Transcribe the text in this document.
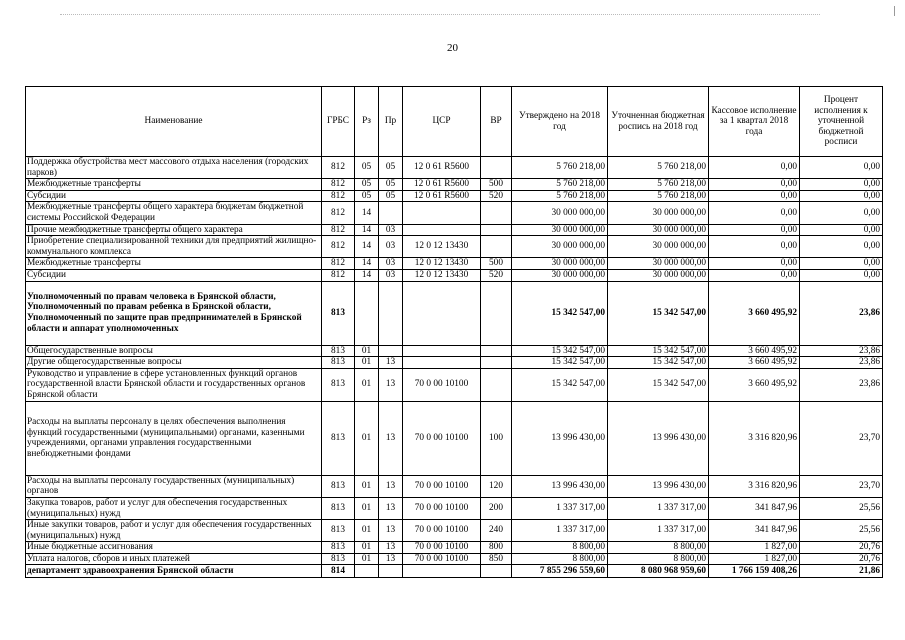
20
Наименование	ГРБС	Рз	Пр	ЦСР	ВР	Утверждено на 2018 год	Уточненная бюджетная роспись на 2018 год	Кассовое исполнение за 1 квартал 2018 года	Процент исполнения к уточненной бюджетной росписи
Поддержка обустройства мест массового отдыха населения (городских парков)	812	05	05	12 0 61 R5600		5 760 218,00	5 760 218,00	0,00	0,00
Межбюджетные трансферты	812	05	05	12 0 61 R5600	500	5 760 218,00	5 760 218,00	0,00	0,00
Субсидии	812	05	05	12 0 61 R5600	520	5 760 218,00	5 760 218,00	0,00	0,00
Межбюджетные трансферты общего характера бюджетам бюджетной системы Российской Федерации	812	14				30 000 000,00	30 000 000,00	0,00	0,00
Прочие межбюджетные трансферты общего характера	812	14	03			30 000 000,00	30 000 000,00	0,00	0,00
Приобретение специализированной техники для предприятий жилищно-коммунального комплекса	812	14	03	12 0 12 13430		30 000 000,00	30 000 000,00	0,00	0,00
Межбюджетные трансферты	812	14	03	12 0 12 13430	500	30 000 000,00	30 000 000,00	0,00	0,00
Субсидии	812	14	03	12 0 12 13430	520	30 000 000,00	30 000 000,00	0,00	0,00
Уполномоченный по правам человека в Брянской области, Уполномоченный по правам ребенка в Брянской области, Уполномоченный по защите прав предпринимателей в Брянской области и аппарат уполномоченных	813					15 342 547,00	15 342 547,00	3 660 495,92	23,86
Общегосударственные вопросы	813	01				15 342 547,00	15 342 547,00	3 660 495,92	23,86
Другие общегосударственные вопросы	813	01	13			15 342 547,00	15 342 547,00	3 660 495,92	23,86
Руководство и управление в сфере установленных функций органов государственной власти Брянской области и государственных органов Брянской области	813	01	13	70 0 00 10100		15 342 547,00	15 342 547,00	3 660 495,92	23,86
Расходы на выплаты персоналу в целях обеспечения выполнения функций государственными (муниципальными) органами, казенными учреждениями, органами управления государственными внебюджетными фондами	813	01	13	70 0 00 10100	100	13 996 430,00	13 996 430,00	3 316 820,96	23,70
Расходы на выплаты персоналу государственных (муниципальных) органов	813	01	13	70 0 00 10100	120	13 996 430,00	13 996 430,00	3 316 820,96	23,70
Закупка товаров, работ и услуг для обеспечения государственных (муниципальных) нужд	813	01	13	70 0 00 10100	200	1 337 317,00	1 337 317,00	341 847,96	25,56
Иные закупки товаров, работ и услуг для обеспечения государственных (муниципальных) нужд	813	01	13	70 0 00 10100	240	1 337 317,00	1 337 317,00	341 847,96	25,56
Иные бюджетные ассигнования	813	01	13	70 0 00 10100	800	8 800,00	8 800,00	1 827,00	20,76
Уплата налогов, сборов и иных платежей	813	01	13	70 0 00 10100	850	8 800,00	8 800,00	1 827,00	20,76
департамент здравоохранения Брянской области	814					7 855 296 559,60	8 080 968 959,60	1 766 159 408,26	21,86
